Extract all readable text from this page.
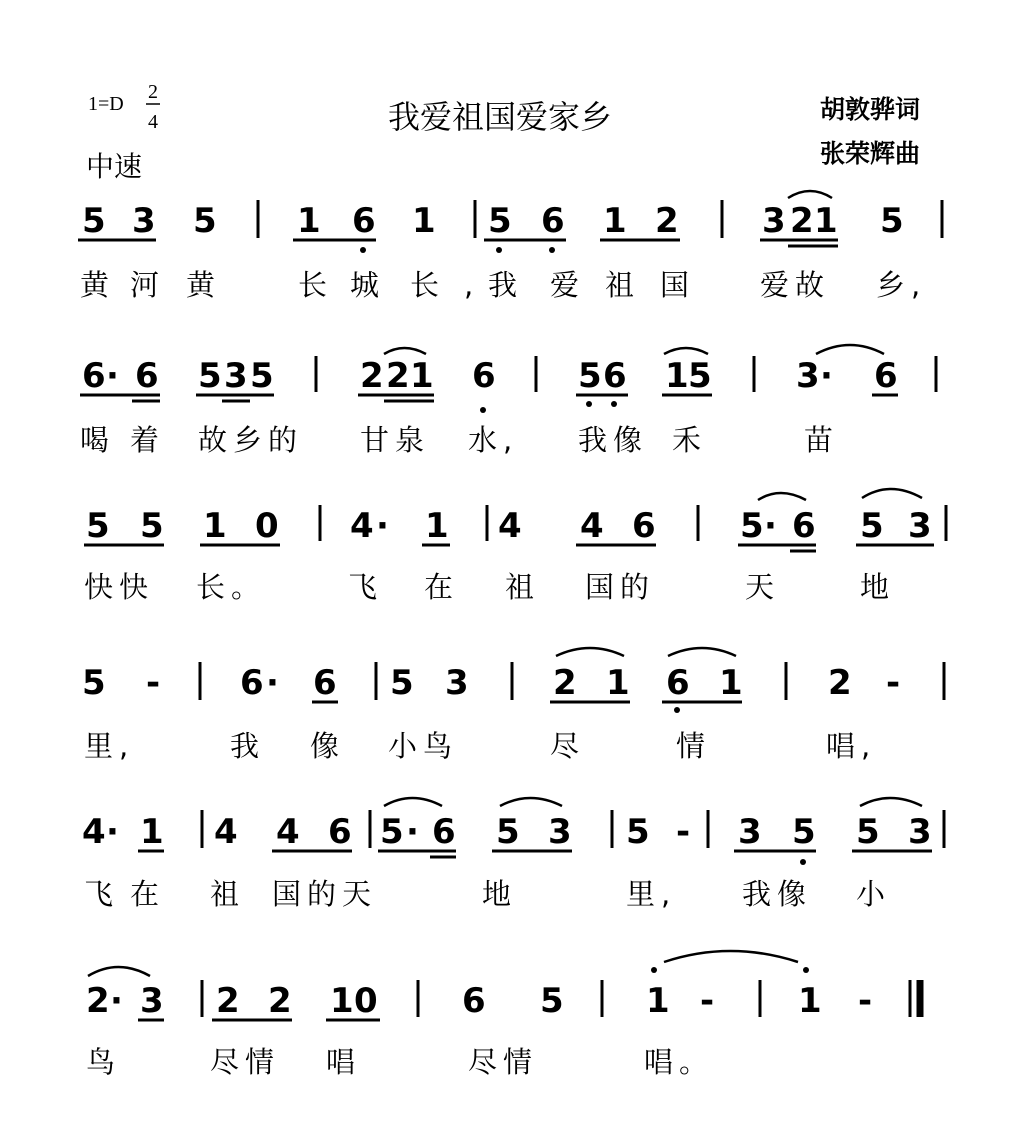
1=D
2
4	我爱祖国爱家乡	胡敦骅词
张荣辉曲
中速
5 3 5 1 6 1 5 6 1 2 3 2 1 5
黄 河 黄	长 城 长 , 我 爱 祖 国 爱故 乡,
6 · 6 5 3 5	2 2 1 6 5 6 1 5 3 · 6
喝 着 故乡的 甘泉 水, 我像 禾	苗
5 5 1 0 4 · 1 4 4 6 5 · 6 5 3
快快 长。	飞 在 祖 国的	天	地
5 - 6 · 6 5 3 2 1 6 1	2 -
里,	我 像 小鸟	尽	情	唱,
4 · 1 4 4 6 5 · 6 5 3 5 - 3 5 5 3
飞 在 祖 国的天	地	里, 我像 小
2 · 3 2 2 1 0 6 5 1 - 1 -
鸟	尽情 唱	尽情	唱。
